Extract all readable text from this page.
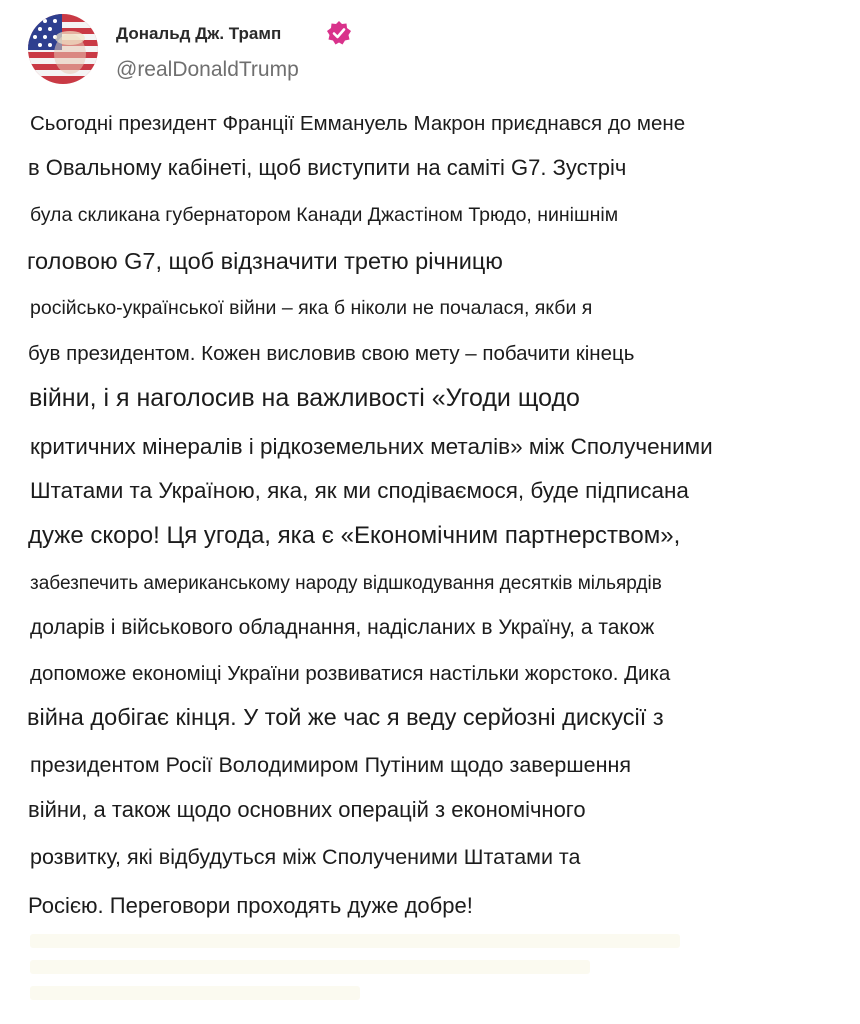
Дональд Дж. Трамп
@realDonaldTrump
Сьогодні президент Франції Еммануель Макрон приєднався до мене
в Овальному кабінеті, щоб виступити на саміті G7. Зустріч
була скликана губернатором Канади Джастіном Трюдо, нинішнім
головою G7, щоб відзначити третю річницю
російсько-української війни – яка б ніколи не почалася, якби я
був президентом. Кожен висловив свою мету – побачити кінець
війни, і я наголосив на важливості «Угоди щодо
критичних мінералів і рідкоземельних металів» між Сполученими
Штатами та Україною, яка, як ми сподіваємося, буде підписана
дуже скоро! Ця угода, яка є «Економічним партнерством»,
забезпечить американському народу відшкодування десятків мільярдів
доларів і військового обладнання, надісланих в Україну, а також
допоможе економіці України розвиватися настільки жорстоко. Дика
війна добігає кінця. У той же час я веду серйозні дискусії з
президентом Росії Володимиром Путіним щодо завершення
війни, а також щодо основних операцій з економічного
розвитку, які відбудуться між Сполученими Штатами та
Росією. Переговори проходять дуже добре!
